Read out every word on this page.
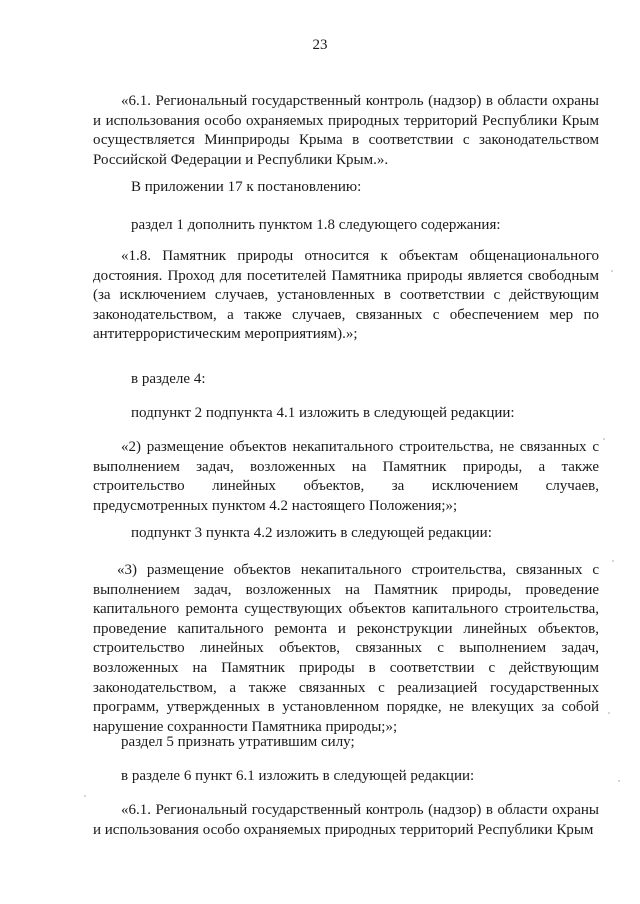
23

«6.1. Региональный государственный контроль (надзор) в области охраны и использования особо охраняемых природных территорий Республики Крым осуществляется Минприроды Крыма в соответствии с законодательством Российской Федерации и Республики Крым.».

В приложении 17 к постановлению:

раздел 1 дополнить пунктом 1.8 следующего содержания:

«1.8. Памятник природы относится к объектам общенационального достояния. Проход для посетителей Памятника природы является свободным (за исключением случаев, установленных в соответствии с действующим законодательством, а также случаев, связанных с обеспечением мер по антитеррористическим мероприятиям).»;

в разделе 4:

подпункт 2 подпункта 4.1 изложить в следующей редакции:

«2) размещение объектов некапитального строительства, не связанных с выполнением задач, возложенных на Памятник природы, а также строительство линейных объектов, за исключением случаев, предусмотренных пунктом 4.2 настоящего Положения;»;

подпункт 3 пункта 4.2 изложить в следующей редакции:

«3) размещение объектов некапитального строительства, связанных с выполнением задач, возложенных на Памятник природы, проведение капитального ремонта существующих объектов капитального строительства, проведение капитального ремонта и реконструкции линейных объектов, строительство линейных объектов, связанных с выполнением задач, возложенных на Памятник природы в соответствии с действующим законодательством, а также связанных с реализацией государственных программ, утвержденных в установленном порядке, не влекущих за собой нарушение сохранности Памятника природы;»;

раздел 5 признать утратившим силу;

в разделе 6 пункт 6.1 изложить в следующей редакции:

«6.1. Региональный государственный контроль (надзор) в области охраны и использования особо охраняемых природных территорий Республики Крым
